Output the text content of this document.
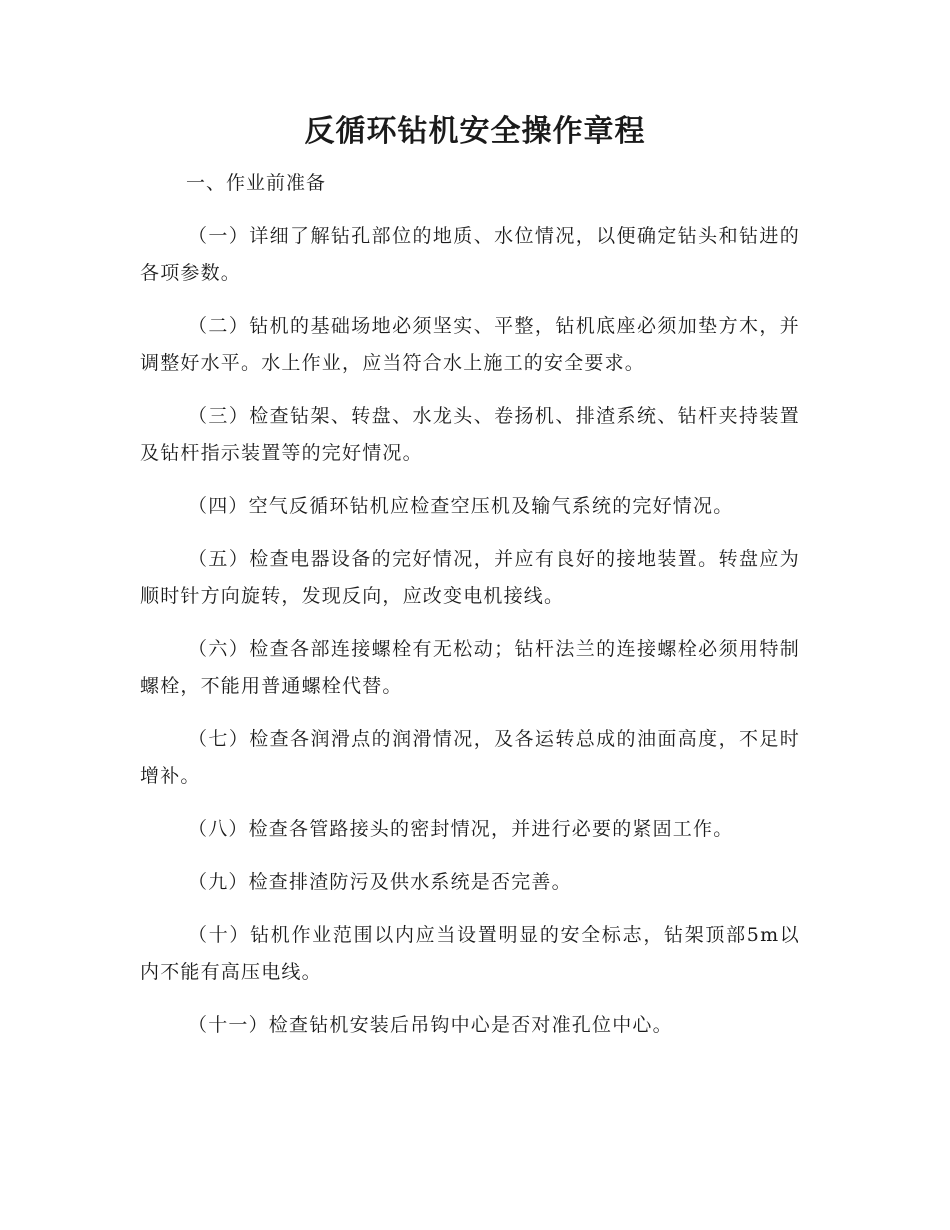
反循环钻机安全操作章程

一、作业前准备

（一）详细了解钻孔部位的地质、水位情况，以便确定钻头和钻进的各项参数。

（二）钻机的基础场地必须坚实、平整，钻机底座必须加垫方木，并调整好水平。水上作业，应当符合水上施工的安全要求。

（三）检查钻架、转盘、水龙头、卷扬机、排渣系统、钻杆夹持装置及钻杆指示装置等的完好情况。

（四）空气反循环钻机应检查空压机及输气系统的完好情况。

（五）检查电器设备的完好情况，并应有良好的接地装置。转盘应为顺时针方向旋转，发现反向，应改变电机接线。

（六）检查各部连接螺栓有无松动；钻杆法兰的连接螺栓必须用特制螺栓，不能用普通螺栓代替。

（七）检查各润滑点的润滑情况，及各运转总成的油面高度，不足时增补。

（八）检查各管路接头的密封情况，并进行必要的紧固工作。

（九）检查排渣防污及供水系统是否完善。

（十）钻机作业范围以内应当设置明显的安全标志，钻架顶部5m以内不能有高压电线。

（十一）检查钻机安装后吊钩中心是否对准孔位中心。
